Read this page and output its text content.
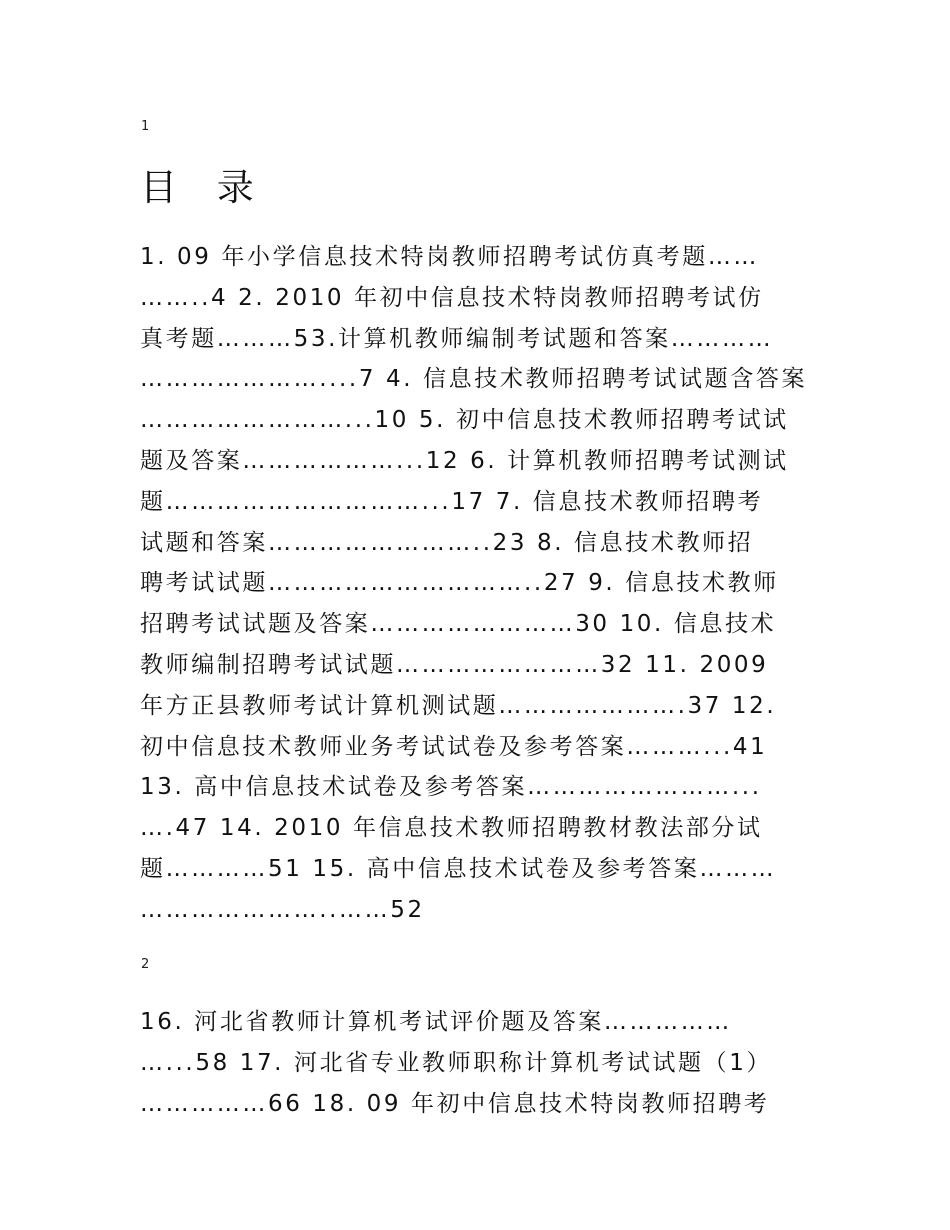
1
目 录
1. 09 年小学信息技术特岗教师招聘考试仿真考题……
……..4 2. 2010 年初中信息技术特岗教师招聘考试仿
真考题………53.计算机教师编制考试题和答案…………
…………………....7 4. 信息技术教师招聘考试试题含答案
……………………...10 5. 初中信息技术教师招聘考试试
题及答案………………...12 6. 计算机教师招聘考试测试
题…………………………...17 7. 信息技术教师招聘考
试题和答案……………………..23 8. 信息技术教师招
聘考试试题…………………………..27 9. 信息技术教师
招聘考试试题及答案……………………30 10. 信息技术
教师编制招聘考试试题……………………32 11. 2009
年方正县教师考试计算机测试题………………….37 12.
初中信息技术教师业务考试试卷及参考答案………...41
13. 高中信息技术试卷及参考答案……………………...
….47 14. 2010 年信息技术教师招聘教材教法部分试
题…………51 15. 高中信息技术试卷及参考答案………
…………………..……52
2
16. 河北省教师计算机考试评价题及答案……………
…...58 17. 河北省专业教师职称计算机考试试题（1）
……………66 18. 09 年初中信息技术特岗教师招聘考
